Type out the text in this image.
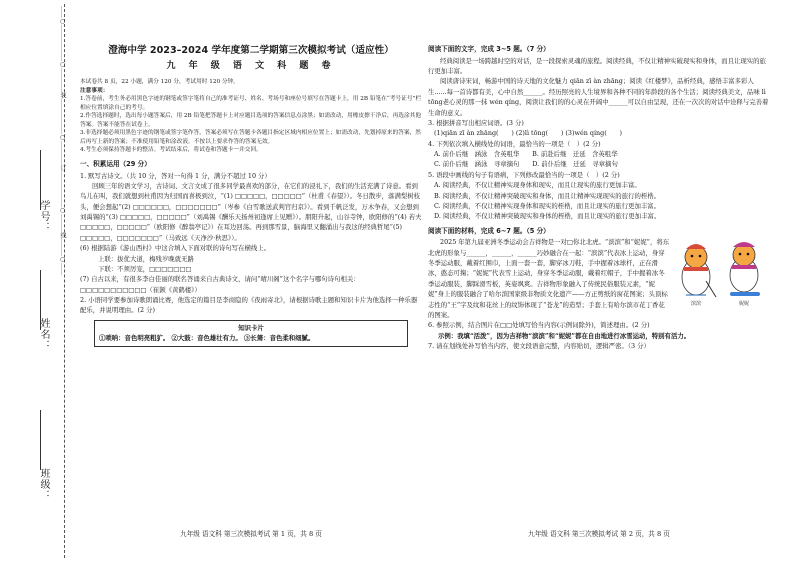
学号：
姓名：
班级：
……○………………○…………装………………○…………订………………○………线………○……	澄海中学 2023–2024 学年度第二学期第三次模拟考试（适应性）

九 年 级 语 文 科 题 卷

本试卷共 8 页，22 小题，满分 120 分，考试用时 120 分钟。

注意事项：

1.答卷前，考生务必用黑色字迹的钢笔或签字笔将自己的准考证号、姓名、考场号和座位号填写在答题卡上，用 2B 铅笔在“考号证号”栏相应位置填涂自己的考号。

2.作答选择题时，选出每小题答案后，用 2B 铅笔把答题卡上对应题目选项的答案信息点涂黑；如需改动，用橡皮擦干净后，再选涂其他答案。答案不能答在试卷上。

3.非选择题必须用黑色字迹的钢笔或签字笔作答，答案必须写在答题卡各题目指定区域内相应位置上；如需改动，先划掉原来的答案，然后再写上新的答案；不准使用铅笔和涂改液。不按以上要求作答的答案无效。

4.考生必须保持答题卡的整洁。考试结束后，将试卷和答题卡一并交回。

一、积累运用（29 分）

1. 默写古诗文。（共 10 分，答对一句得 1 分，满分不超过 10 分）

回顾三年的语文学习，古诗词、文言文成了很多同学最喜欢的部分，在它们的浸礼下，我们的生活充满了诗意。看到鸟儿在叫，我们就想到杜甫因为归国而喜极到泣，“(1) □□□□□，□□□□□”（杜甫《春望》）。冬日散步，落满梨树枝头，便会想起“(2) □□□□□□，□□□□□□□”（岑参《白雪歌送武判官归京》）。看到千帆泛发，万木争春，又会想到刘禹锡的“(3) □□□□□，□□□□□”（刘禹锡《酬乐天扬州初逢席上见赠》）。朋阳升起，山谷寺钟，欧阳修的“(4) 若夫□□□□□，□□□□□”（欧阳修《醉翁亭记》）在耳边回荡。再到那雪景，脑海里又翻涌出与我这的经典哲尾“(5) □□□□□，□□□□□□□”（马致远《天净沙·秋思》）。

(6) 根据陆游《游山西村》中这合填入下面对联的诗句写在横线上。

上联：拔优大道，梅残岁晚就无路

下联：不须厉宠，□□□□□□□

(7) 自古以来，有很多李白佳丽的联名答诵来自古典诗文，请问“晴川阁”这个名字与哪句诗句相关：□□□□□□□□□□□（崔颢《黄鹤楼》）

2. 小语同学要参加诗歌朗诵比赛，他选定的篇目是李商隐的《夜雨寄北》，请根据诗歌主题和知识卡片为他选择一种乐器配乐，并说明理由。(2 分)

知识卡片
①唢呐：音色明亮粗犷。 ②大鼓：音色雄壮有力。 ③长箫：音色柔和细腻。
九年级 语文科 第三次模拟考试 第 1 页，共 8 页
阅读下面的文字，完成 3~5 题。（7 分）

经典阅读是一场跨越时空的对话，是一段探索灵魂的旅程。阅读经典，不仅让精神实破现实和身体，而且让现实的旅行更加丰富。

阅读唐诗宋词，畅游中国的诗天地的文化魅力 qiān zī àn zhāng；阅读《红楼梦》，品析经典，感悟丰富多彩人生......每一首诗都有美，心中自然______。经历照亮的人生境界和各种不同的年龄段的各个生活；阅读经典美文，品味 lì tōng老心灵的那一抹 wén qíng，阅读让我们的的心灵在开阔中______可以自由呈现，还在一次次的对话中诠释与完善着生命的意义。

3. 根据拼音写出相应词语。(3 分)

(1)qiān zī àn zhāng(　　) (2)lì tōng(　　) (3)wén qíng(　　)

4. 下列依次填入横线处的词语，最恰当的一项是（　）(2 分)

A. 前仆后继　涵泳　含英咀华　　B. 前赴后继　迁延　含英咀华

C. 前仆后继　涵泳　寻章摘句　　D. 前仆后继　迁延　寻章摘句

5. 语段中画线的句子有语病，下列修改最恰当的一项是（　）(2 分)

A. 阅读经典，不仅让精神实现身体和现实，而且让现实的旅行更加丰富。

B. 阅读经典，不仅让精神突破现实和身体，而且让精神实现现实的旅行的桎梏。

C. 阅读经典，不仅让精神实现身体和现实的桎梏，而且让现实的旅行更加丰富。

D. 阅读经典，不仅让精神突破现实和身体的桎梏，而且让现实的旅行更加丰富。

阅读下面的材料，完成 6~7 题。（5 分）
滨滨	妮妮

2025 年第九届亚洲冬季运动会吉祥物是一对□你北北虎。“滨滨”和“妮妮”，将东北虎的形象与______，______，______巧妙融合在一起：“滨滨”代表冰上运动，身穿冬季运动服，戴着红围巾，上面一套一套，脚穿冰刀鞋，手中握着冰球杆，正在滑冰，憨态可掬；“妮妮”代表雪上运动，身穿冬季运动服，戴着红帽子，手中握着冰冬季运动服装，脚踩滑雪板，英姿飒爽。吉祥物形象融入了传统民俗服装元素，“妮妮”身上的服装融合了哈尔滨国家级非物质文化遗产——方正剪纸的窗花图案；头顶标志性的“王”字及纹和花丝上的纹饰体现了“苍龙”的造型；手套上有哈尔滨市花丁香花的图案。

6. 参照示例，结合图片在□□处填写恰当内容(示例词除外)，简述理由。(2 分)

示例：我填“活泼”，因为吉祥物“滨滨”和“妮妮”都在自由地进行冰雪运动，特别有活力。

7. 请在划线处补写恰当内容，使文段语意完整，内容贴切，逻辑严密。（3 分）

九年级 语文科 第三次模拟考试 第 2 页，共 8 页
